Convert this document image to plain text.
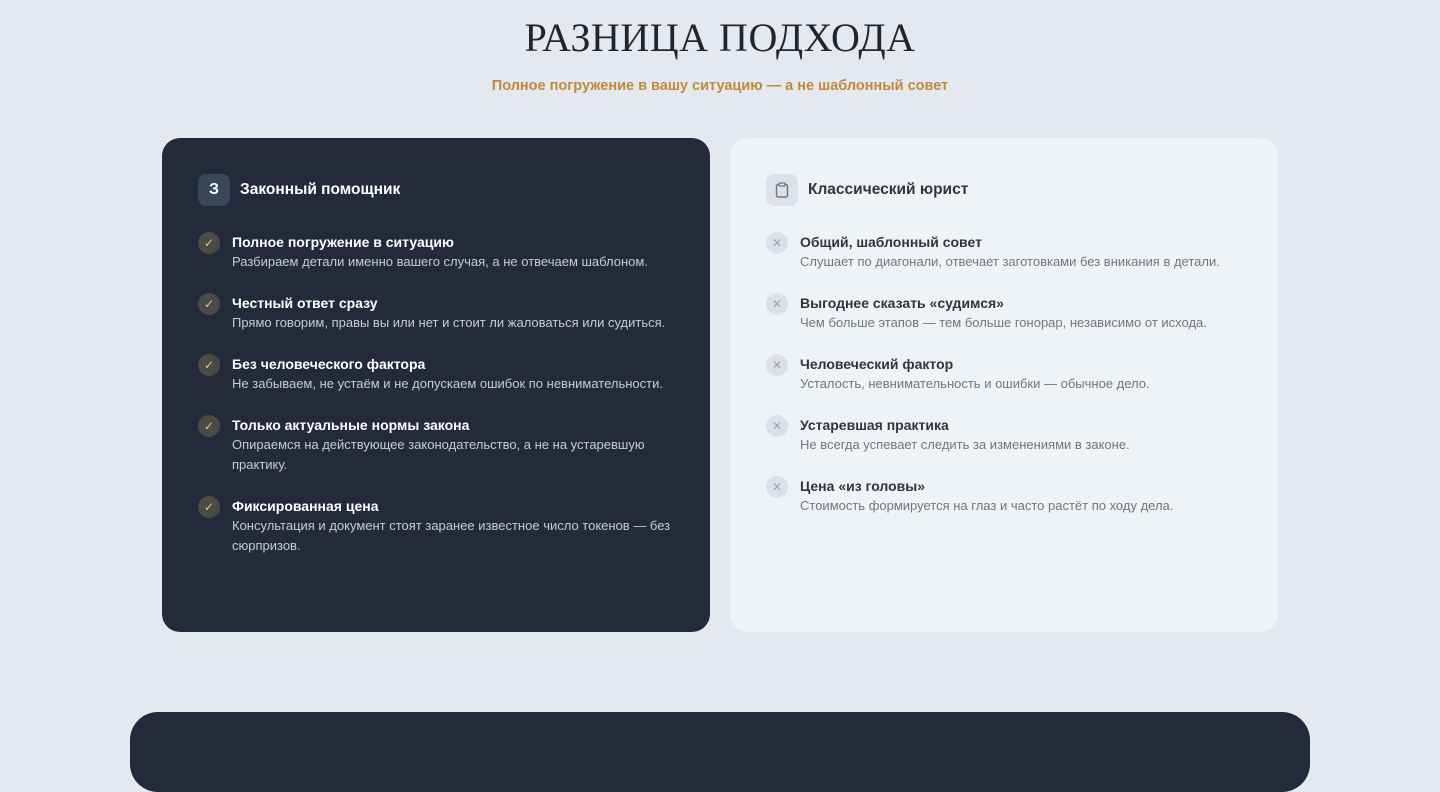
РАЗНИЦА ПОДХОДА
Полное погружение в вашу ситуацию — а не шаблонный совет
З	Законный помощник
✓	Полное погружение в ситуацию
Разбираем детали именно вашего случая, а не отвечаем шаблоном.
✓	Честный ответ сразу
Прямо говорим, правы вы или нет и стоит ли жаловаться или судиться.
✓	Без человеческого фактора
Не забываем, не устаём и не допускаем ошибок по невнимательности.
✓	Только актуальные нормы закона
Опираемся на действующее законодательство, а не на устаревшую практику.
✓	Фиксированная цена
Консультация и документ стоят заранее известное число токенов — без сюрпризов.
Классический юрист
✕	Общий, шаблонный совет
Слушает по диагонали, отвечает заготовками без вникания в детали.
✕	Выгоднее сказать «судимся»
Чем больше этапов — тем больше гонорар, независимо от исхода.
✕	Человеческий фактор
Усталость, невнимательность и ошибки — обычное дело.
✕	Устаревшая практика
Не всегда успевает следить за изменениями в законе.
✕	Цена «из головы»
Стоимость формируется на глаз и часто растёт по ходу дела.
